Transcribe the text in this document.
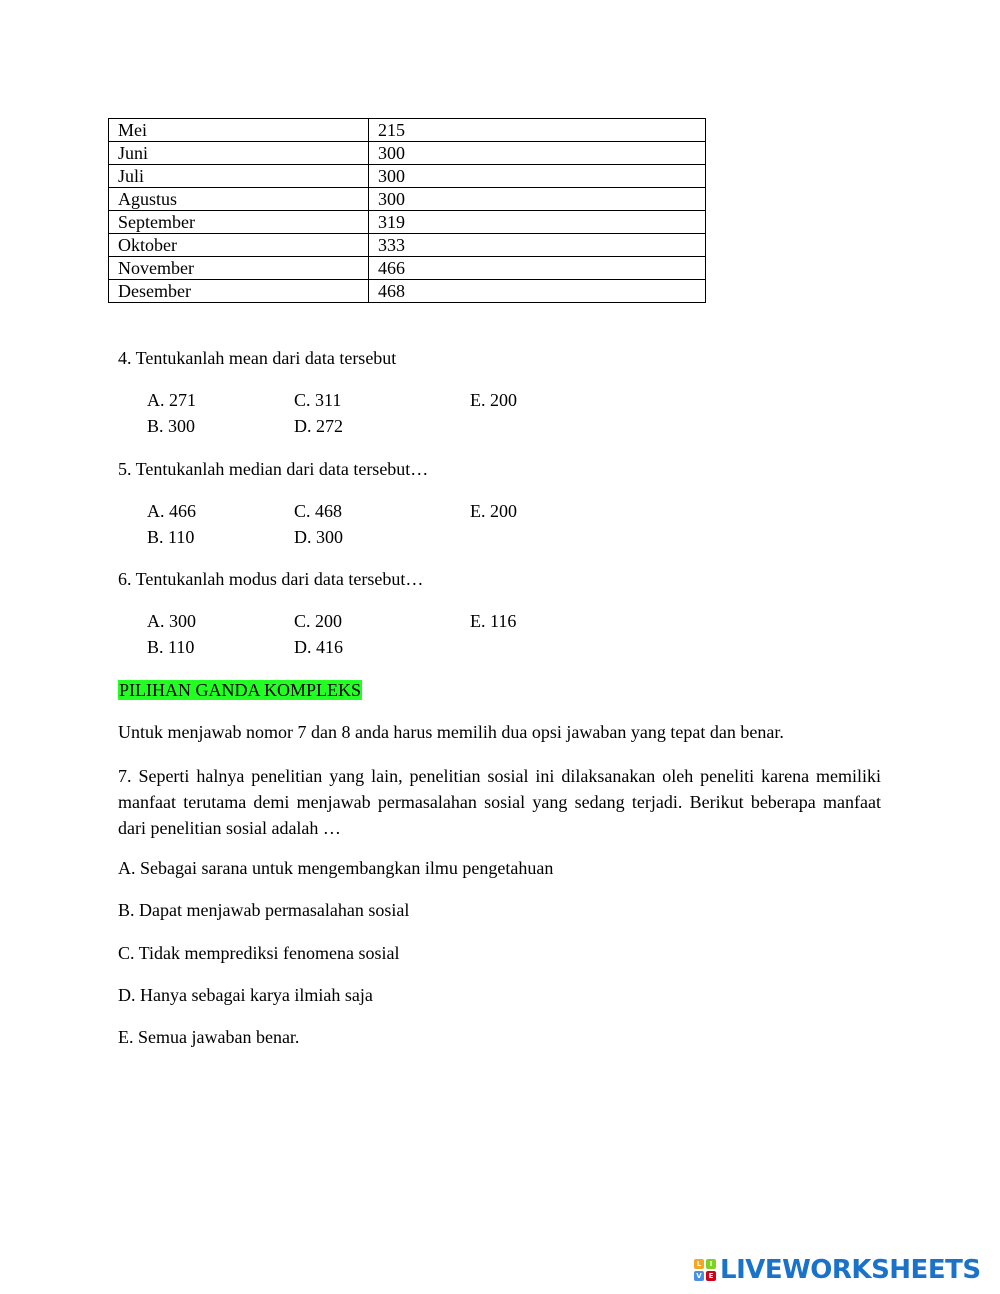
Mei	215
Juni	300
Juli	300
Agustus	300
September	319
Oktober	333
November	466
Desember	468
4. Tentukanlah mean dari data tersebut
A. 271	C. 311	E. 200
B. 300	D. 272
5. Tentukanlah median dari data tersebut…
A. 466	C. 468	E. 200
B. 110	D. 300
6. Tentukanlah modus dari data tersebut…
A. 300	C. 200	E. 116
B. 110	D. 416
PILIHAN GANDA KOMPLEKS
Untuk menjawab nomor 7 dan 8 anda harus memilih dua opsi jawaban yang tepat dan benar.
7. Seperti halnya penelitian yang lain, penelitian sosial ini dilaksanakan oleh peneliti karena memiliki manfaat terutama demi menjawab permasalahan sosial yang sedang terjadi. Berikut beberapa manfaat dari penelitian sosial adalah …
A. Sebagai sarana untuk mengembangkan ilmu pengetahuan
B. Dapat menjawab permasalahan sosial
C. Tidak memprediksi fenomena sosial
D. Hanya sebagai karya ilmiah saja
E. Semua jawaban benar.
L	I
V E LIVEWORKSHEETS
